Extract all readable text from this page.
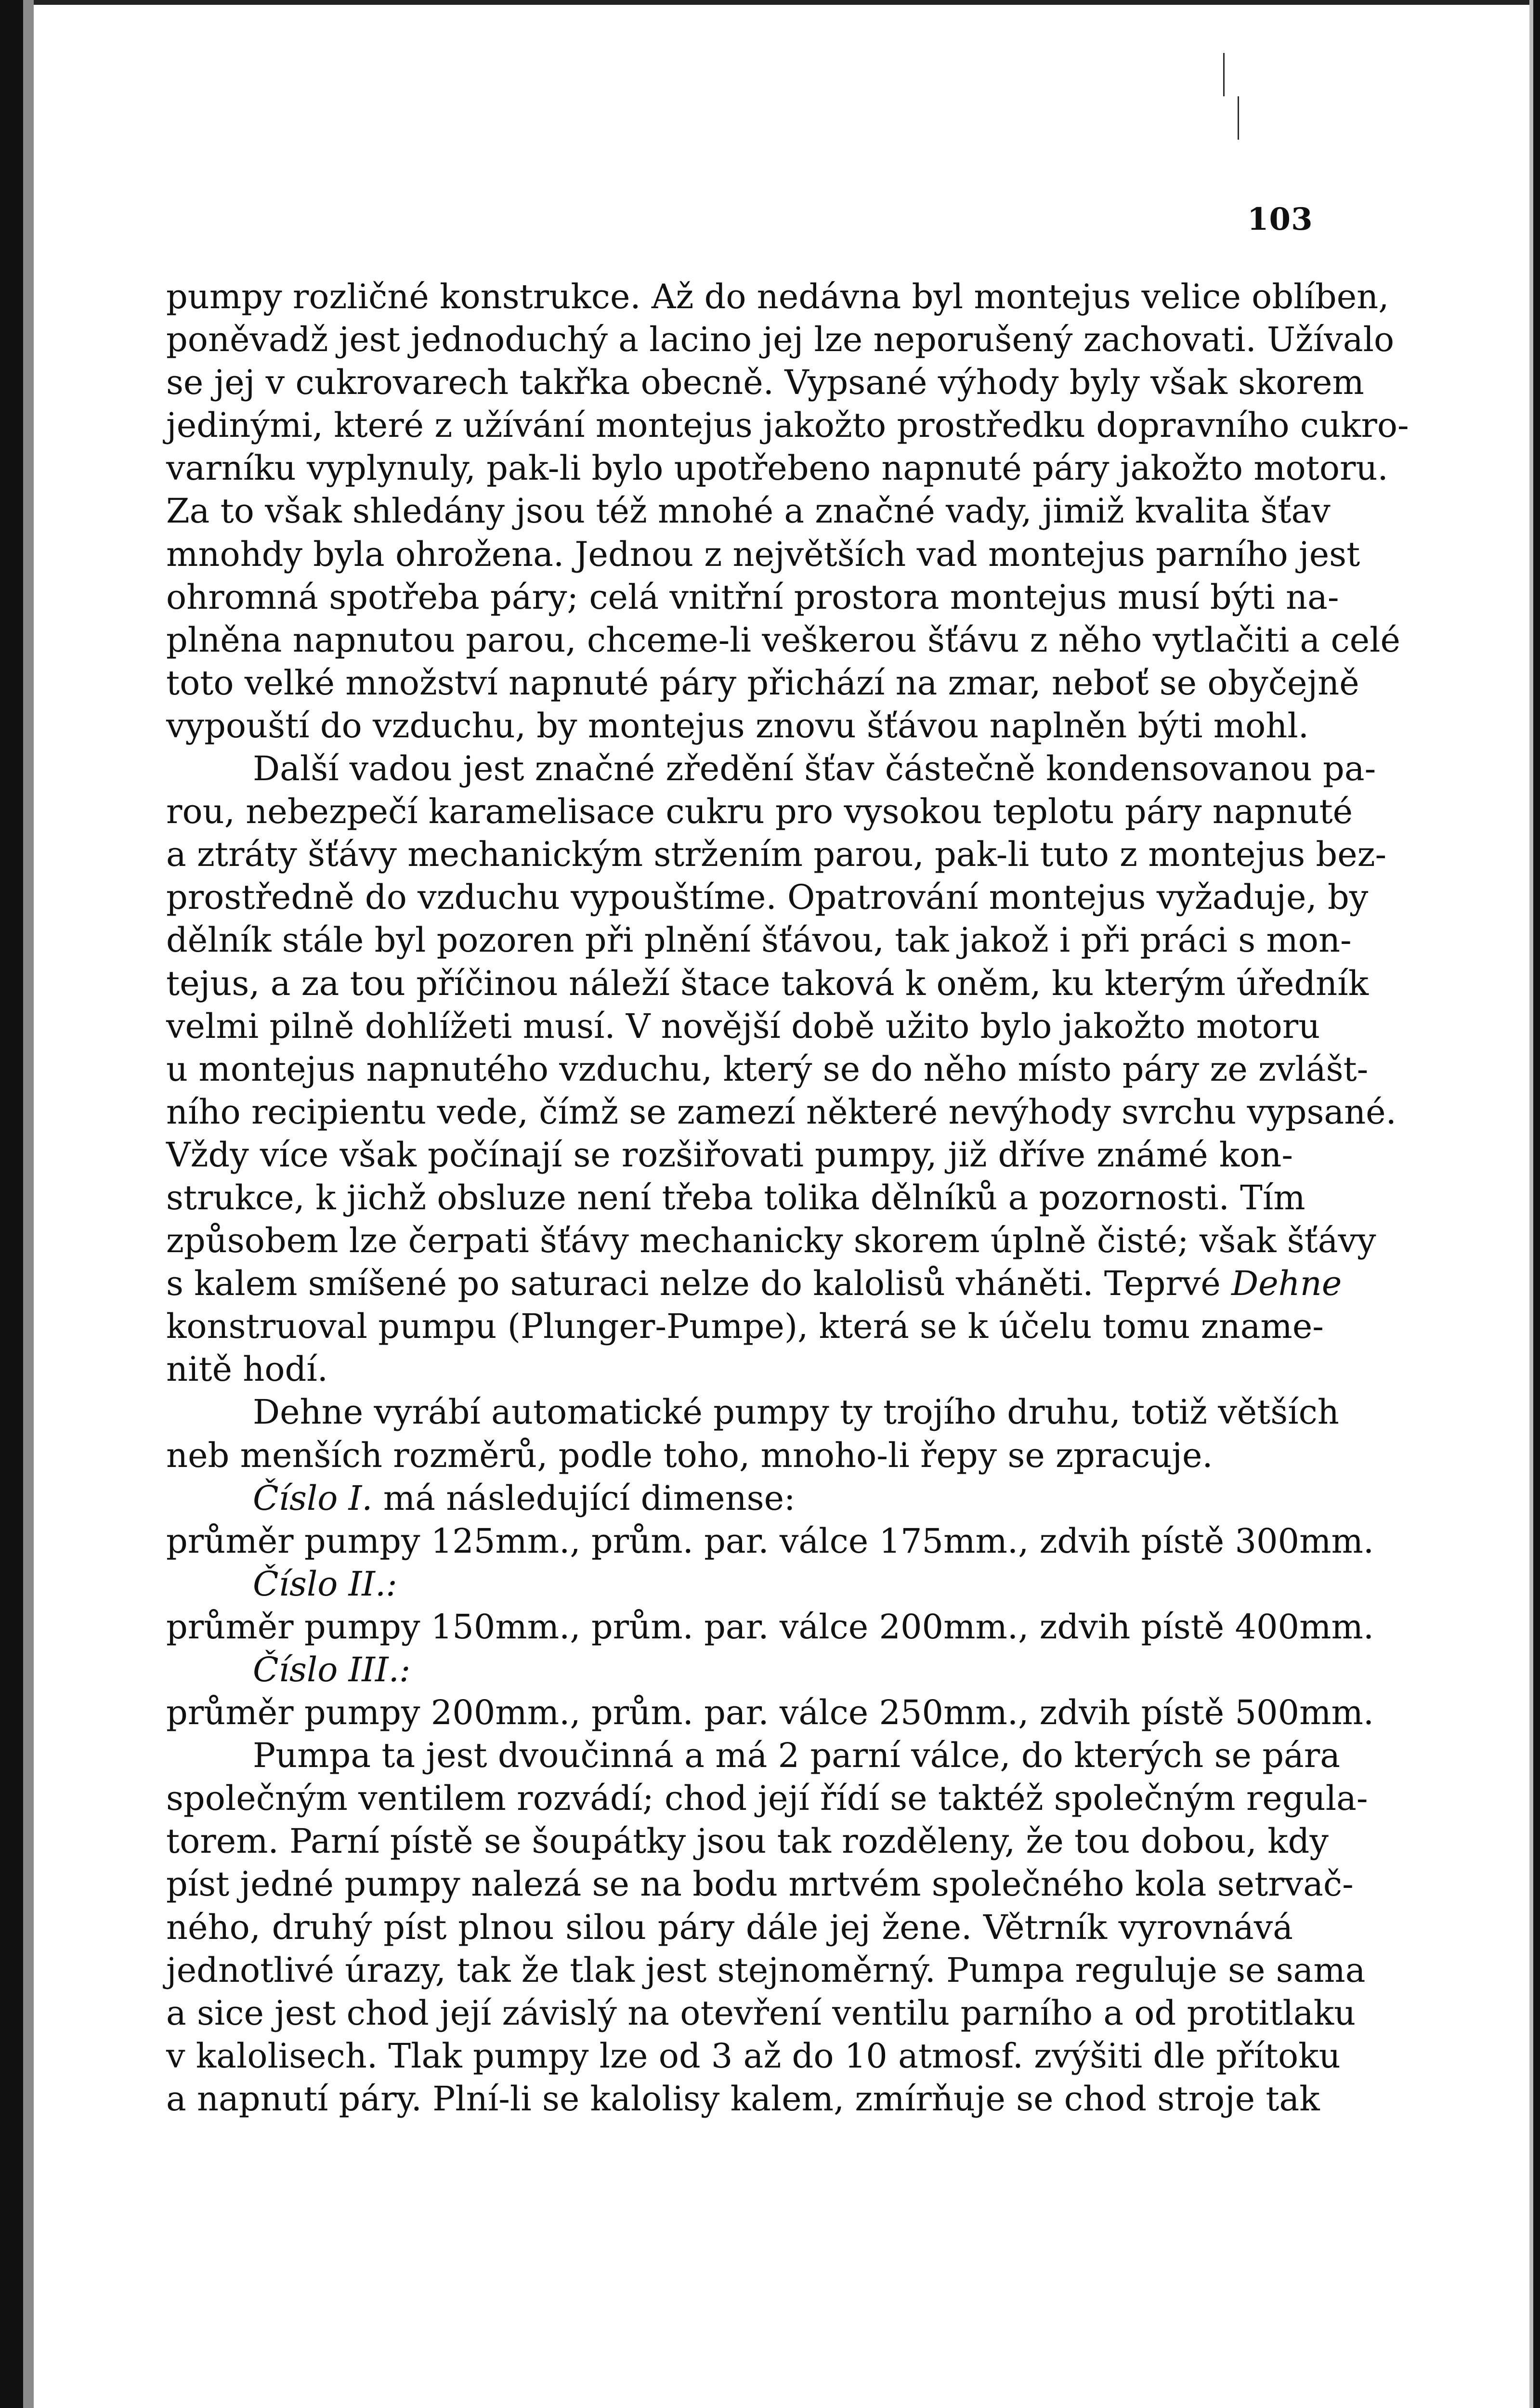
103
pumpy rozličné konstrukce. Až do nedávna byl montejus velice oblíben,
poněvadž jest jednoduchý a lacino jej lze neporušený zachovati. Užívalo
se jej v cukrovarech takřka obecně. Vypsané výhody byly však skorem
jedinými, které z užívání montejus jakožto prostředku dopravního cukro-
varníku vyplynuly, pak-li bylo upotřebeno napnuté páry jakožto motoru.
Za to však shledány jsou též mnohé a značné vady, jimiž kvalita šťav
mnohdy byla ohrožena. Jednou z největších vad montejus parního jest
ohromná spotřeba páry; celá vnitřní prostora montejus musí býti na-
plněna napnutou parou, chceme-li veškerou šťávu z něho vytlačiti a celé
toto velké množství napnuté páry přichází na zmar, neboť se obyčejně
vypouští do vzduchu, by montejus znovu šťávou naplněn býti mohl.
Další vadou jest značné zředění šťav částečně kondensovanou pa-
rou, nebezpečí karamelisace cukru pro vysokou teplotu páry napnuté
a ztráty šťávy mechanickým stržením parou, pak-li tuto z montejus bez-
prostředně do vzduchu vypouštíme. Opatrování montejus vyžaduje, by
dělník stále byl pozoren při plnění šťávou, tak jakož i při práci s mon-
tejus, a za tou příčinou náleží štace taková k oněm, ku kterým úředník
velmi pilně dohlížeti musí. V novější době užito bylo jakožto motoru
u montejus napnutého vzduchu, který se do něho místo páry ze zvlášt-
ního recipientu vede, čímž se zamezí některé nevýhody svrchu vypsané.
Vždy více však počínají se rozšiřovati pumpy, již dříve známé kon-
strukce, k jichž obsluze není třeba tolika dělníků a pozornosti. Tím
způsobem lze čerpati šťávy mechanicky skorem úplně čisté; však šťávy
s kalem smíšené po saturaci nelze do kalolisů vháněti. Teprvé Dehne
konstruoval pumpu (Plunger-Pumpe), která se k účelu tomu zname-
nitě hodí.
Dehne vyrábí automatické pumpy ty trojího druhu, totiž větších
neb menších rozměrů, podle toho, mnoho-li řepy se zpracuje.
Číslo I. má následující dimense:
průměr pumpy 125mm., prům. par. válce 175mm., zdvih pístě 300mm.
Číslo II.:
průměr pumpy 150mm., prům. par. válce 200mm., zdvih pístě 400mm.
Číslo III.:
průměr pumpy 200mm., prům. par. válce 250mm., zdvih pístě 500mm.
Pumpa ta jest dvoučinná a má 2 parní válce, do kterých se pára
společným ventilem rozvádí; chod její řídí se taktéž společným regula-
torem. Parní pístě se šoupátky jsou tak rozděleny, že tou dobou, kdy
píst jedné pumpy nalezá se na bodu mrtvém společného kola setrvač-
ného, druhý píst plnou silou páry dále jej žene. Větrník vyrovnává
jednotlivé úrazy, tak že tlak jest stejnoměrný. Pumpa reguluje se sama
a sice jest chod její závislý na otevření ventilu parního a od protitlaku
v kalolisech. Tlak pumpy lze od 3 až do 10 atmosf. zvýšiti dle přítoku
a napnutí páry. Plní-li se kalolisy kalem, zmírňuje se chod stroje tak
